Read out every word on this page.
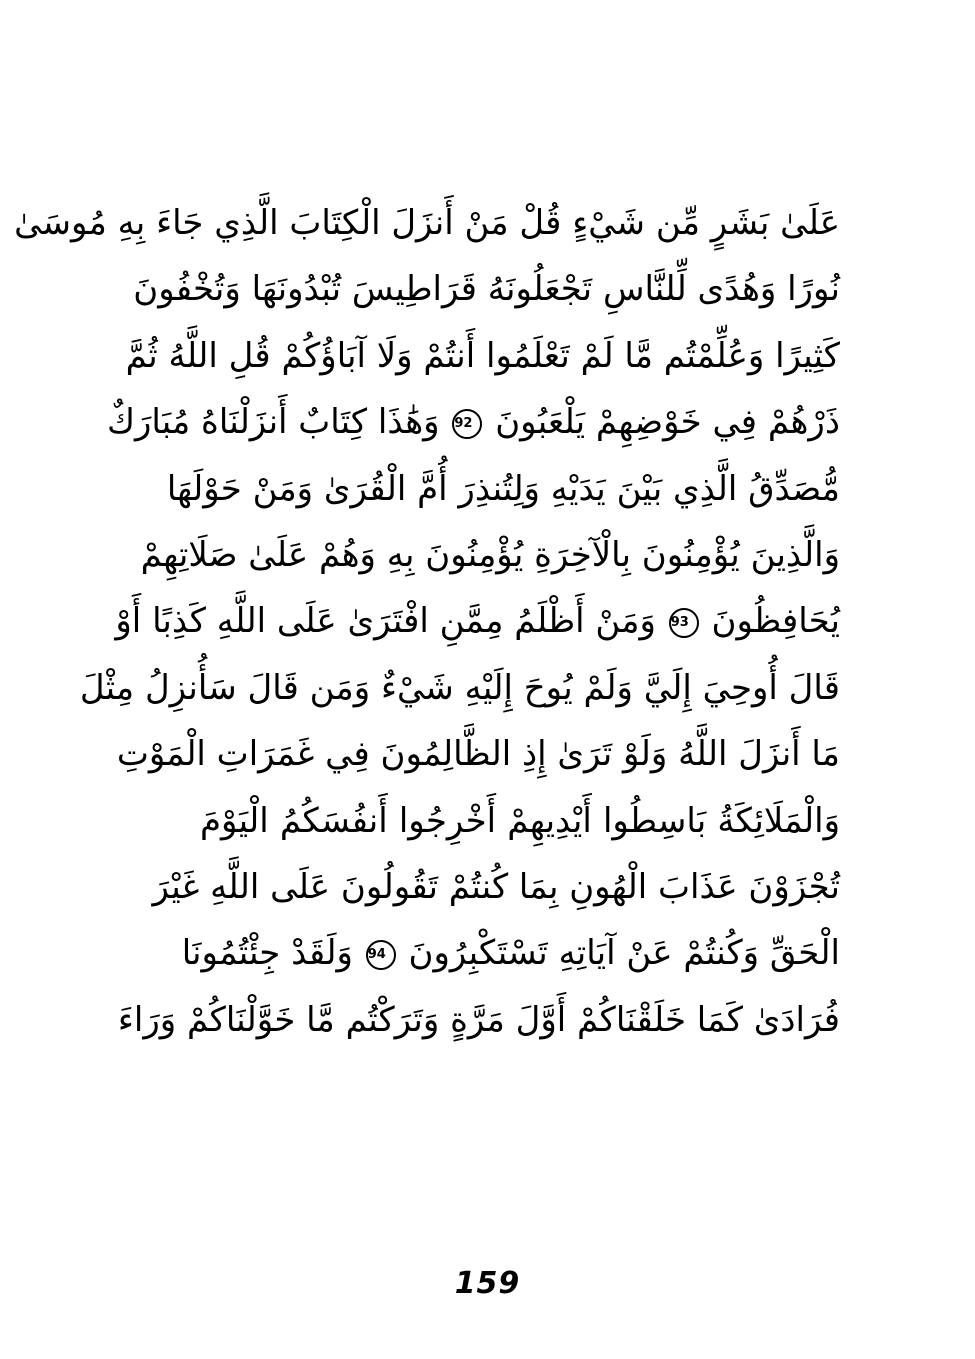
عَلَىٰ بَشَرٍ مِّن شَيْءٍ قُلْ مَنْ أَنزَلَ الْكِتَابَ الَّذِي جَاءَ بِهِ مُوسَىٰ
نُورًا وَهُدًى لِّلنَّاسِ تَجْعَلُونَهُ قَرَاطِيسَ تُبْدُونَهَا وَتُخْفُونَ
كَثِيرًا وَعُلِّمْتُم مَّا لَمْ تَعْلَمُوا أَنتُمْ وَلَا آبَاؤُكُمْ قُلِ اللَّهُ ثُمَّ
ذَرْهُمْ فِي خَوْضِهِمْ يَلْعَبُونَ 92 وَهَٰذَا كِتَابٌ أَنزَلْنَاهُ مُبَارَكٌ
مُّصَدِّقُ الَّذِي بَيْنَ يَدَيْهِ وَلِتُنذِرَ أُمَّ الْقُرَىٰ وَمَنْ حَوْلَهَا
وَالَّذِينَ يُؤْمِنُونَ بِالْآخِرَةِ يُؤْمِنُونَ بِهِ وَهُمْ عَلَىٰ صَلَاتِهِمْ
يُحَافِظُونَ 93 وَمَنْ أَظْلَمُ مِمَّنِ افْتَرَىٰ عَلَى اللَّهِ كَذِبًا أَوْ
قَالَ أُوحِيَ إِلَيَّ وَلَمْ يُوحَ إِلَيْهِ شَيْءٌ وَمَن قَالَ سَأُنزِلُ مِثْلَ
مَا أَنزَلَ اللَّهُ وَلَوْ تَرَىٰ إِذِ الظَّالِمُونَ فِي غَمَرَاتِ الْمَوْتِ
وَالْمَلَائِكَةُ بَاسِطُوا أَيْدِيهِمْ أَخْرِجُوا أَنفُسَكُمُ الْيَوْمَ
تُجْزَوْنَ عَذَابَ الْهُونِ بِمَا كُنتُمْ تَقُولُونَ عَلَى اللَّهِ غَيْرَ
الْحَقِّ وَكُنتُمْ عَنْ آيَاتِهِ تَسْتَكْبِرُونَ 94 وَلَقَدْ جِئْتُمُونَا
فُرَادَىٰ كَمَا خَلَقْنَاكُمْ أَوَّلَ مَرَّةٍ وَتَرَكْتُم مَّا خَوَّلْنَاكُمْ وَرَاءَ
159
